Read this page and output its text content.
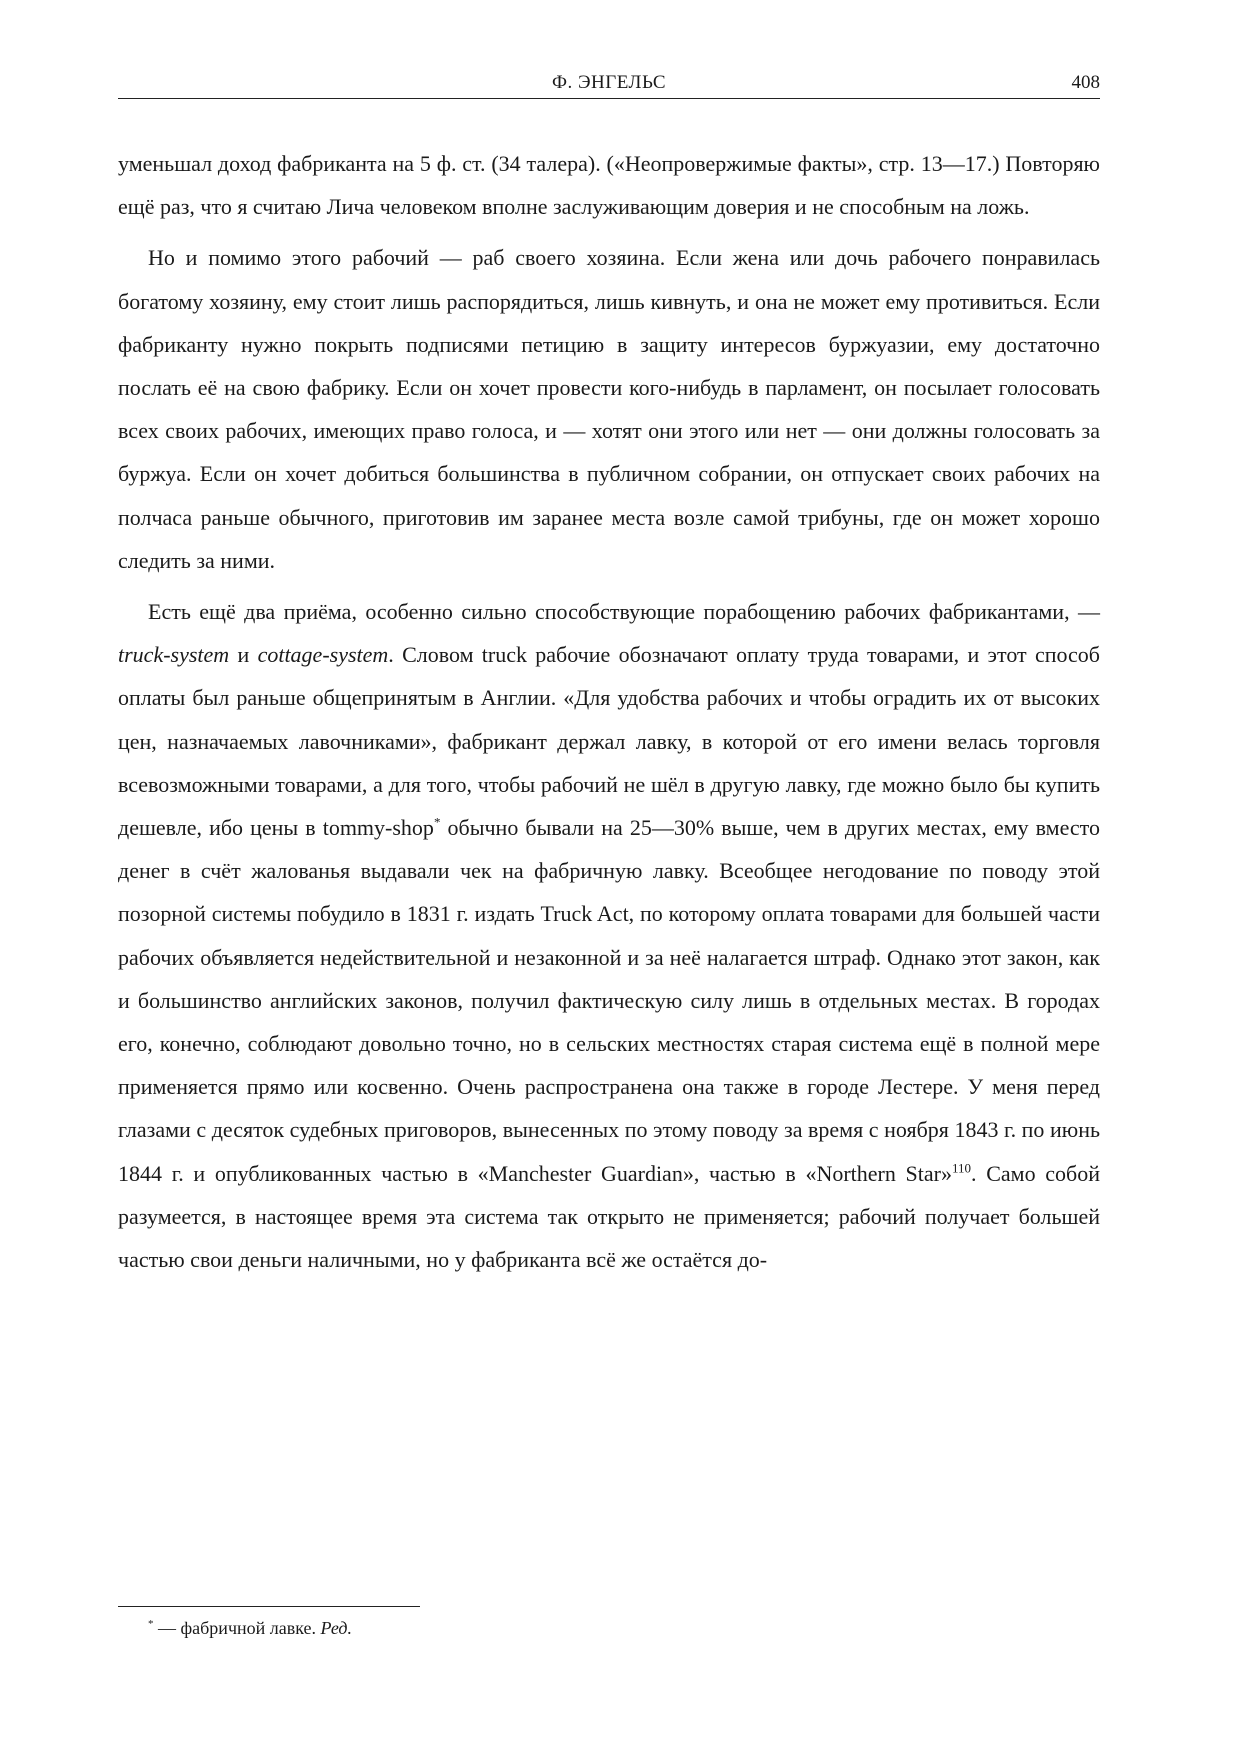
Ф. ЭНГЕЛЬС	408

уменьшал доход фабриканта на 5 ф. ст. (34 талера). («Неопровержимые факты», стр. 13—17.) Повторяю ещё раз, что я считаю Лича человеком вполне заслуживающим доверия и не способным на ложь.

Но и помимо этого рабочий — раб своего хозяина. Если жена или дочь рабочего понравилась богатому хозяину, ему стоит лишь распорядиться, лишь кивнуть, и она не может ему противиться. Если фабриканту нужно покрыть подписями петицию в защиту интересов буржуазии, ему достаточно послать её на свою фабрику. Если он хочет провести кого-нибудь в парламент, он посылает голосовать всех своих рабочих, имеющих право голоса, и — хотят они этого или нет — они должны голосовать за буржуа. Если он хочет добиться большинства в публичном собрании, он отпускает своих рабочих на полчаса раньше обычного, приготовив им заранее места возле самой трибуны, где он может хорошо следить за ними.

Есть ещё два приёма, особенно сильно способствующие порабощению рабочих фабрикантами, — truck-system и cottage-system. Словом truck рабочие обозначают оплату труда товарами, и этот способ оплаты был раньше общепринятым в Англии. «Для удобства рабочих и чтобы оградить их от высоких цен, назначаемых лавочниками», фабрикант держал лавку, в которой от его имени велась торговля всевозможными товарами, а для того, чтобы рабочий не шёл в другую лавку, где можно было бы купить дешевле, ибо цены в tommy-shop* обычно бывали на 25—30% выше, чем в других местах, ему вместо денег в счёт жалованья выдавали чек на фабричную лавку. Всеобщее негодование по поводу этой позорной системы побудило в 1831 г. издать Truck Act, по которому оплата товарами для большей части рабочих объявляется недействительной и незаконной и за неё налагается штраф. Однако этот закон, как и большинство английских законов, получил фактическую силу лишь в отдельных местах. В городах его, конечно, соблюдают довольно точно, но в сельских местностях старая система ещё в полной мере применяется прямо или косвенно. Очень распространена она также в городе Лестере. У меня перед глазами с десяток судебных приговоров, вынесенных по этому поводу за время с ноября 1843 г. по июнь 1844 г. и опубликованных частью в «Manchester Guardian», частью в «Northern Star»$^{110}$. Само собой разумеется, в настоящее время эта система так открыто не применяется; рабочий получает большей частью свои деньги наличными, но у фабриканта всё же остаётся до-

* — фабричной лавке. Ред.
